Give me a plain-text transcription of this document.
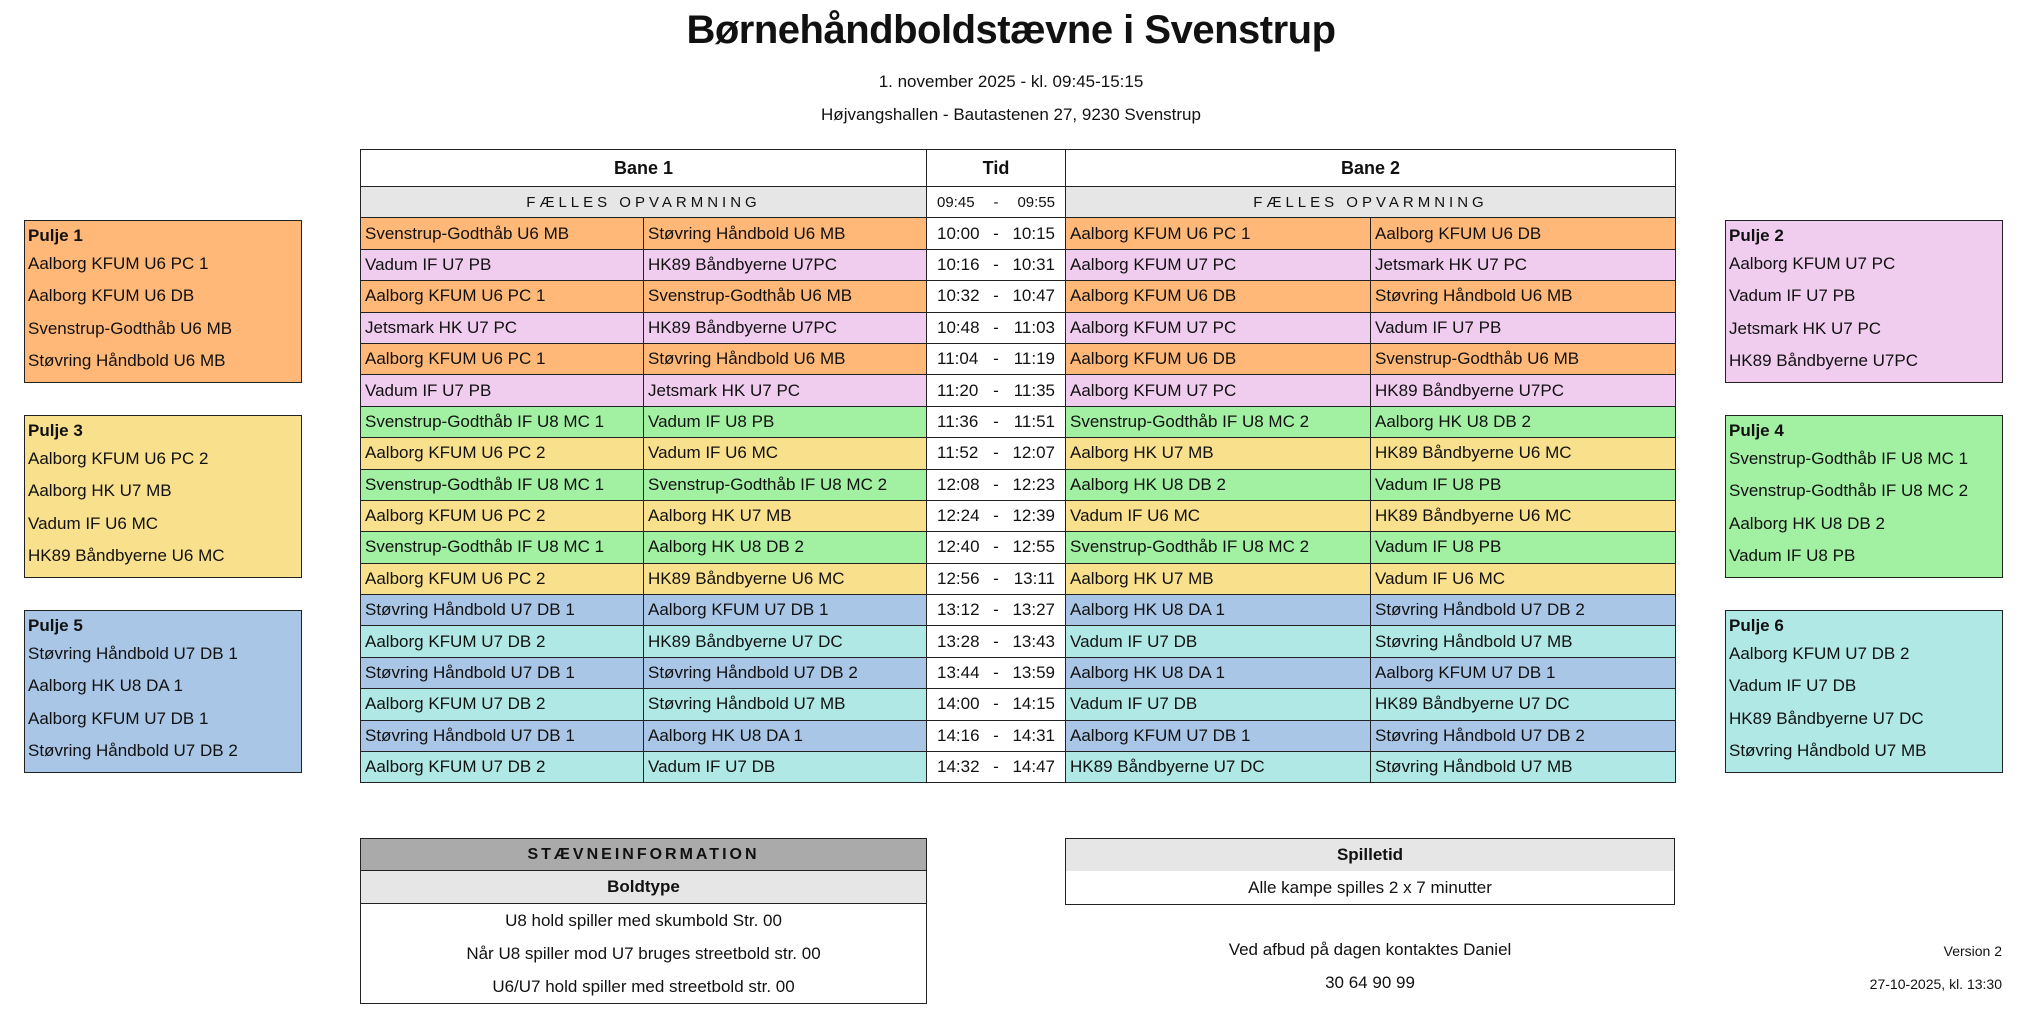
Børnehåndboldstævne i Svenstrup
1. november 2025 - kl. 09:45-15:15
Højvangshallen - Bautastenen 27, 9230 Svenstrup
Bane 1		Tid	Bane 2	
FÆLLES OPVARMNING		09:45 - 09:55	FÆLLES OPVARMNING	
Svenstrup-Godthåb U6 MB	Støvring Håndbold U6 MB	10:00 - 10:15	Aalborg KFUM U6 PC 1	Aalborg KFUM U6 DB
Vadum IF U7 PB	HK89 Båndbyerne U7PC	10:16 - 10:31	Aalborg KFUM U7 PC	Jetsmark HK U7 PC
Aalborg KFUM U6 PC 1	Svenstrup-Godthåb U6 MB	10:32 - 10:47	Aalborg KFUM U6 DB	Støvring Håndbold U6 MB
Jetsmark HK U7 PC	HK89 Båndbyerne U7PC	10:48 - 11:03	Aalborg KFUM U7 PC	Vadum IF U7 PB
Aalborg KFUM U6 PC 1	Støvring Håndbold U6 MB	11:04 - 11:19	Aalborg KFUM U6 DB	Svenstrup-Godthåb U6 MB
Vadum IF U7 PB	Jetsmark HK U7 PC	11:20 - 11:35	Aalborg KFUM U7 PC	HK89 Båndbyerne U7PC
Svenstrup-Godthåb IF U8 MC 1	Vadum IF U8 PB	11:36 - 11:51	Svenstrup-Godthåb IF U8 MC 2	Aalborg HK U8 DB 2
Aalborg KFUM U6 PC 2	Vadum IF U6 MC	11:52 - 12:07	Aalborg HK U7 MB	HK89 Båndbyerne U6 MC
Svenstrup-Godthåb IF U8 MC 1	Svenstrup-Godthåb IF U8 MC 2	12:08 - 12:23	Aalborg HK U8 DB 2	Vadum IF U8 PB
Aalborg KFUM U6 PC 2	Aalborg HK U7 MB	12:24 - 12:39	Vadum IF U6 MC	HK89 Båndbyerne U6 MC
Svenstrup-Godthåb IF U8 MC 1	Aalborg HK U8 DB 2	12:40 - 12:55	Svenstrup-Godthåb IF U8 MC 2	Vadum IF U8 PB
Aalborg KFUM U6 PC 2	HK89 Båndbyerne U6 MC	12:56 - 13:11	Aalborg HK U7 MB	Vadum IF U6 MC
Støvring Håndbold U7 DB 1	Aalborg KFUM U7 DB 1	13:12 - 13:27	Aalborg HK U8 DA 1	Støvring Håndbold U7 DB 2
Aalborg KFUM U7 DB 2	HK89 Båndbyerne U7 DC	13:28 - 13:43	Vadum IF U7 DB	Støvring Håndbold U7 MB
Støvring Håndbold U7 DB 1	Støvring Håndbold U7 DB 2	13:44 - 13:59	Aalborg HK U8 DA 1	Aalborg KFUM U7 DB 1
Aalborg KFUM U7 DB 2	Støvring Håndbold U7 MB	14:00 - 14:15	Vadum IF U7 DB	HK89 Båndbyerne U7 DC
Støvring Håndbold U7 DB 1	Aalborg HK U8 DA 1	14:16 - 14:31	Aalborg KFUM U7 DB 1	Støvring Håndbold U7 DB 2
Aalborg KFUM U7 DB 2	Vadum IF U7 DB	14:32 - 14:47	HK89 Båndbyerne U7 DC	Støvring Håndbold U7 MB
Pulje 1
Aalborg KFUM U6 PC 1
Aalborg KFUM U6 DB
Svenstrup-Godthåb U6 MB
Støvring Håndbold U6 MB
Pulje 2
Aalborg KFUM U7 PC
Vadum IF U7 PB
Jetsmark HK U7 PC
HK89 Båndbyerne U7PC
Pulje 3
Aalborg KFUM U6 PC 2
Aalborg HK U7 MB
Vadum IF U6 MC
HK89 Båndbyerne U6 MC
Pulje 4
Svenstrup-Godthåb IF U8 MC 1
Svenstrup-Godthåb IF U8 MC 2
Aalborg HK U8 DB 2
Vadum IF U8 PB
Pulje 5
Støvring Håndbold U7 DB 1
Aalborg HK U8 DA 1
Aalborg KFUM U7 DB 1
Støvring Håndbold U7 DB 2
Pulje 6
Aalborg KFUM U7 DB 2
Vadum IF U7 DB
HK89 Båndbyerne U7 DC
Støvring Håndbold U7 MB
STÆVNEINFORMATION
Boldtype
U8 hold spiller med skumbold Str. 00
Når U8 spiller mod U7 bruges streetbold str. 00
U6/U7 hold spiller med streetbold str. 00
Spilletid
Alle kampe spilles 2 x 7 minutter
Ved afbud på dagen kontaktes Daniel
30 64 90 99
Version 2
27-10-2025, kl. 13:30
